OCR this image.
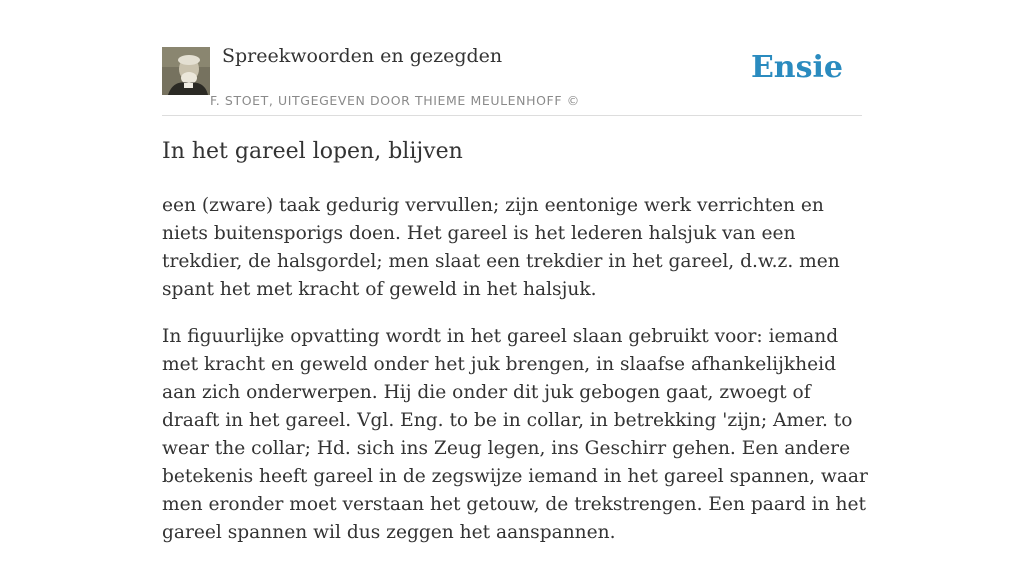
Spreekwoorden en gezegden
F. STOET, UITGEGEVEN DOOR THIEME MEULENHOFF ©
Ensie
In het gareel lopen, blijven

een (zware) taak gedurig vervullen; zijn eentonige werk verrichten en niets buitensporigs doen. Het gareel is het lederen halsjuk van een trekdier, de halsgordel; men slaat een trekdier in het gareel, d.w.z. men spant het met kracht of geweld in het halsjuk.

In figuurlijke opvatting wordt in het gareel slaan gebruikt voor: iemand met kracht en geweld onder het juk brengen, in slaafse afhankelijkheid aan zich onderwerpen. Hij die onder dit juk gebogen gaat, zwoegt of draaft in het gareel. Vgl. Eng. to be in collar, in betrekking 'zijn; Amer. to wear the collar; Hd. sich ins Zeug legen, ins Geschirr gehen. Een andere betekenis heeft gareel in de zegswijze iemand in het gareel spannen, waar men eronder moet verstaan het getouw, de trekstrengen. Een paard in het gareel spannen wil dus zeggen het aanspannen.
